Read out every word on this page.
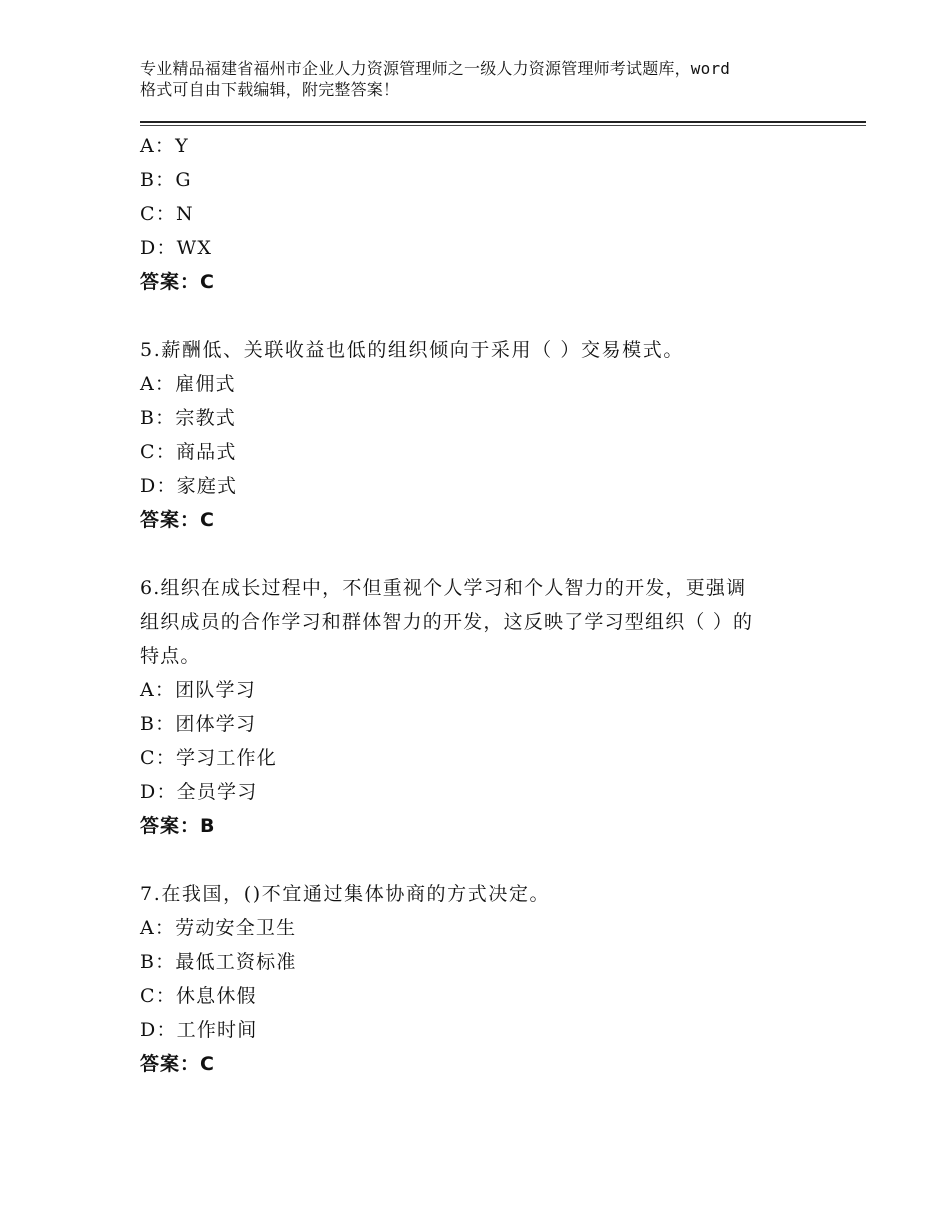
专业精品福建省福州市企业人力资源管理师之一级人力资源管理师考试题库，word
格式可自由下载编辑，附完整答案！
A：Y
B：G
C：N
D：WX
答案：C
5.薪酬低、关联收益也低的组织倾向于采用（ ）交易模式。
A：雇佣式
B：宗教式
C：商品式
D：家庭式
答案：C
6.组织在成长过程中，不但重视个人学习和个人智力的开发，更强调
组织成员的合作学习和群体智力的开发，这反映了学习型组织（ ）的
特点。
A：团队学习
B：团体学习
C：学习工作化
D：全员学习
答案：B
7.在我国，()不宜通过集体协商的方式决定。
A：劳动安全卫生
B：最低工资标准
C：休息休假
D：工作时间
答案：C
